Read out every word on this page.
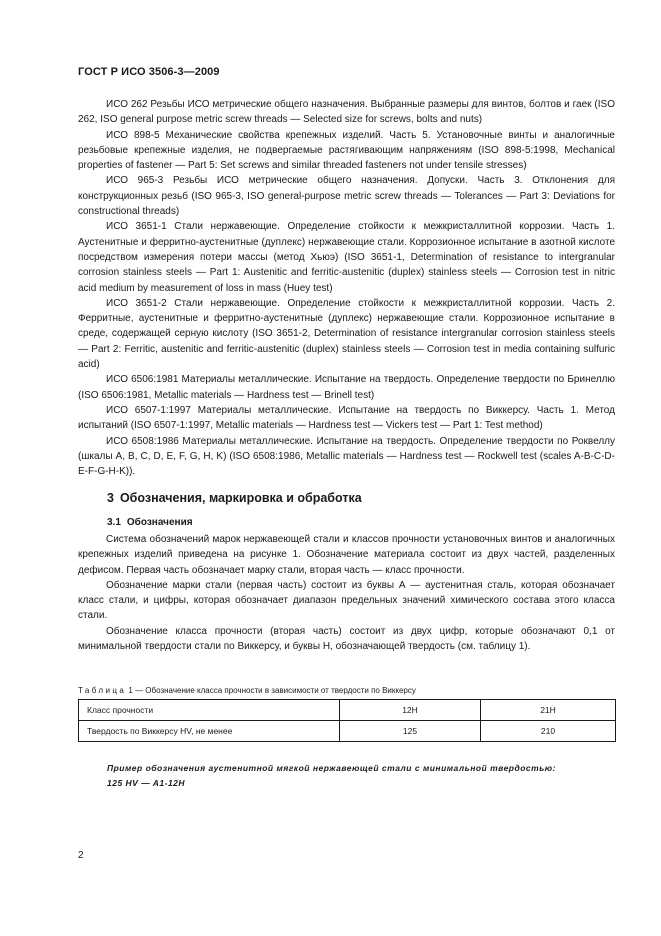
ГОСТ Р ИСО 3506-3—2009

ИСО 262 Резьбы ИСО метрические общего назначения. Выбранные размеры для винтов, болтов и гаек (ISO 262, ISO general purpose metric screw threads — Selected size for screws, bolts and nuts)

ИСО 898-5 Механические свойства крепежных изделий. Часть 5. Установочные винты и аналогичные резьбовые крепежные изделия, не подвергаемые растягивающим напряжениям (ISO 898-5:1998, Mechanical properties of fastener — Part 5: Set screws and similar threaded fasteners not under tensile stresses)

ИСО 965-3 Резьбы ИСО метрические общего назначения. Допуски. Часть 3. Отклонения для конструкционных резьб (ISO 965-3, ISO general-purpose metric screw threads — Tolerances — Part 3: Deviations for constructional threads)

ИСО 3651-1 Стали нержавеющие. Определение стойкости к межкристаллитной коррозии. Часть 1. Аустенитные и ферритно-аустенитные (дуплекс) нержавеющие стали. Коррозионное испытание в азотной кислоте посредством измерения потери массы (метод Хьюэ) (ISO 3651-1, Determination of resistance to intergranular corrosion stainless steels — Part 1: Austenitic and ferritic-austenitic (duplex) stainless steels — Corrosion test in nitric acid medium by measurement of loss in mass (Huey test)

ИСО 3651-2 Стали нержавеющие. Определение стойкости к межкристаллитной коррозии. Часть 2. Ферритные, аустенитные и ферритно-аустенитные (дуплекс) нержавеющие стали. Коррозионное испытание в среде, содержащей серную кислоту (ISO 3651-2, Determination of resistance intergranular corrosion stainless steels — Part 2: Ferritic, austenitic and ferritic-austenitic (duplex) stainless steels — Corrosion test in media containing sulfuric acid)

ИСО 6506:1981 Материалы металлические. Испытание на твердость. Определение твердости по Бринеллю (ISO 6506:1981, Metallic materials — Hardness test — Brinell test)

ИСО 6507-1:1997 Материалы металлические. Испытание на твердость по Виккерсу. Часть 1. Метод испытаний (ISO 6507-1:1997, Metallic materials — Hardness test — Vickers test — Part 1: Test method)

ИСО 6508:1986 Материалы металлические. Испытание на твердость. Определение твердости по Роквеллу (шкалы A, B, C, D, E, F, G, H, K) (ISO 6508:1986, Metallic materials — Hardness test — Rockwell test (scales A-B-C-D-E-F-G-H-K)).

3 Обозначения, маркировка и обработка
3.1 Обозначения

Система обозначений марок нержавеющей стали и классов прочности установочных винтов и аналогичных крепежных изделий приведена на рисунке 1. Обозначение материала состоит из двух частей, разделенных дефисом. Первая часть обозначает марку стали, вторая часть — класс прочности.

Обозначение марки стали (первая часть) состоит из буквы А — аустенитная сталь, которая обозначает класс стали, и цифры, которая обозначает диапазон предельных значений химического состава этого класса стали.

Обозначение класса прочности (вторая часть) состоит из двух цифр, которые обозначают 0,1 от минимальной твердости стали по Виккерсу, и буквы Н, обозначающей твердость (см. таблицу 1).

Таблица 1 — Обозначение класса прочности в зависимости от твердости по Виккерсу
Класс прочности	12H	21H
Твердость по Виккерсу HV, не менее	125	210
Пример обозначения аустенитной мягкой нержавеющей стали с минимальной твердостью:
125 HV — A1-12H
2
